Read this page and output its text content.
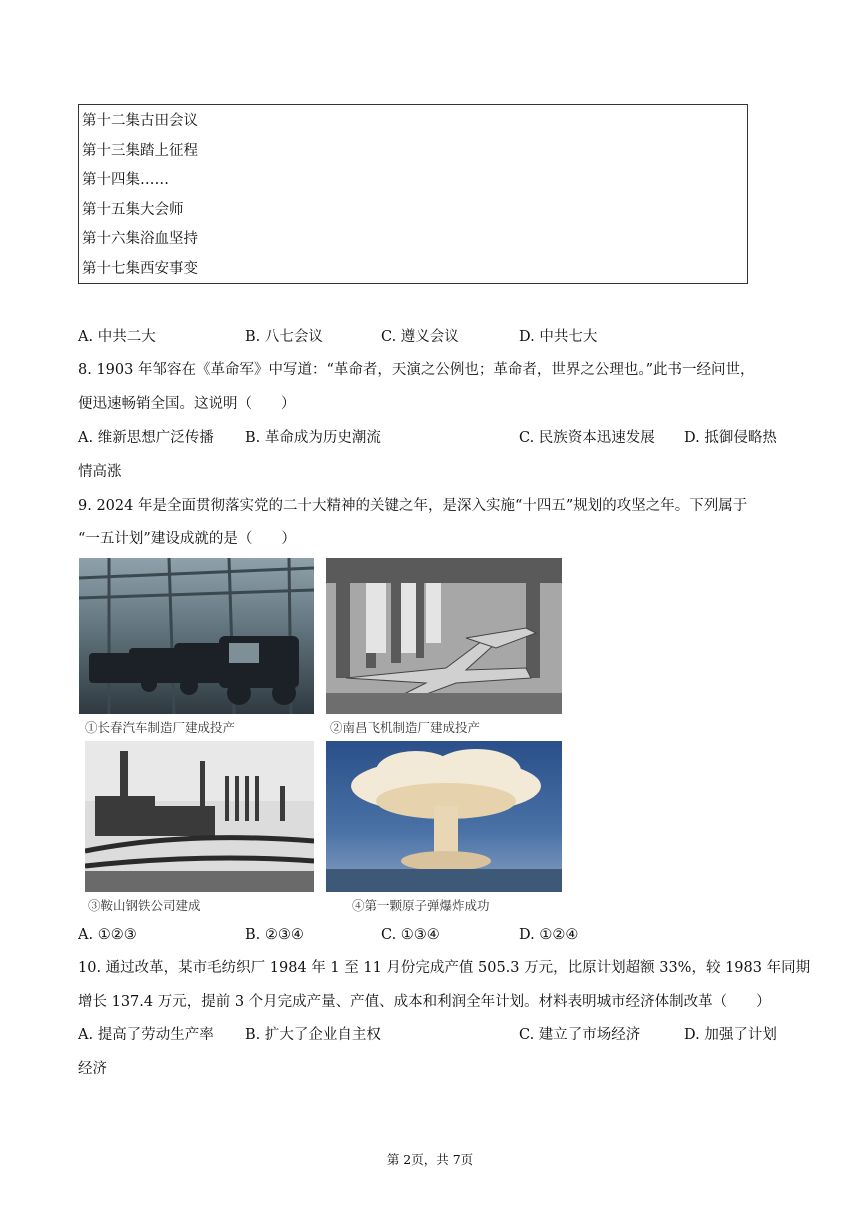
第十二集古田会议
第十三集踏上征程
第十四集……
第十五集大会师
第十六集浴血坚持
第十七集西安事变
A. 中共二大	B. 八七会议	C. 遵义会议	D. 中共七大
8. 1903 年邹容在《革命军》中写道：“革命者，天演之公例也；革命者，世界之公理也。”此书一经问世，
便迅速畅销全国。这说明（　　）
A. 维新思想广泛传播 B. 革命成为历史潮流	C. 民族资本迅速发展 D. 抵御侵略热
情高涨
9. 2024 年是全面贯彻落实党的二十大精神的关键之年，是深入实施“十四五”规划的攻坚之年。下列属于
“一五计划”建设成就的是（　　）
①长春汽车制造厂建成投产	②南昌飞机制造厂建成投产
③鞍山钢铁公司建成	④第一颗原子弹爆炸成功
A. ①②③	B. ②③④	C. ①③④	D. ①②④
10. 通过改革，某市毛纺织厂 1984 年 1 至 11 月份完成产值 505.3 万元，比原计划超额 33%，较 1983 年同期
增长 137.4 万元，提前 3 个月完成产量、产值、成本和利润全年计划。材料表明城市经济体制改革（　　）
A. 提高了劳动生产率 B. 扩大了企业自主权	C. 建立了市场经济	D. 加强了计划
经济
第 2页，共 7页
